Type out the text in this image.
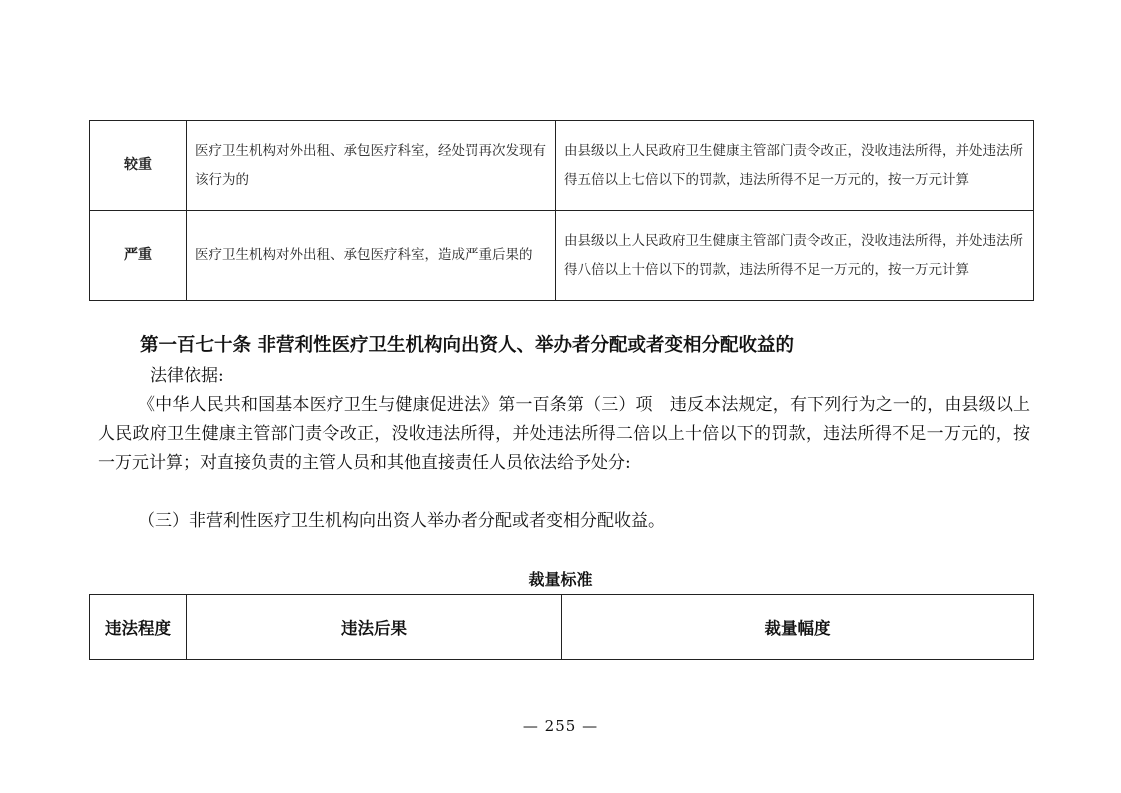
较重	医疗卫生机构对外出租、承包医疗科室，经处罚再次发现有该行为的	由县级以上人民政府卫生健康主管部门责令改正，没收违法所得，并处违法所得五倍以上七倍以下的罚款，违法所得不足一万元的，按一万元计算
严重	医疗卫生机构对外出租、承包医疗科室，造成严重后果的	由县级以上人民政府卫生健康主管部门责令改正，没收违法所得，并处违法所得八倍以上十倍以下的罚款，违法所得不足一万元的，按一万元计算
第一百七十条 非营利性医疗卫生机构向出资人、举办者分配或者变相分配收益的
法律依据:

《中华人民共和国基本医疗卫生与健康促进法》第一百条第（三）项　违反本法规定，有下列行为之一的，由县级以上人民政府卫生健康主管部门责令改正，没收违法所得，并处违法所得二倍以上十倍以下的罚款，违法所得不足一万元的，按一万元计算；对直接负责的主管人员和其他直接责任人员依法给予处分:

（三）非营利性医疗卫生机构向出资人举办者分配或者变相分配收益。
裁量标准
违法程度	违法后果	裁量幅度
— 255 —
